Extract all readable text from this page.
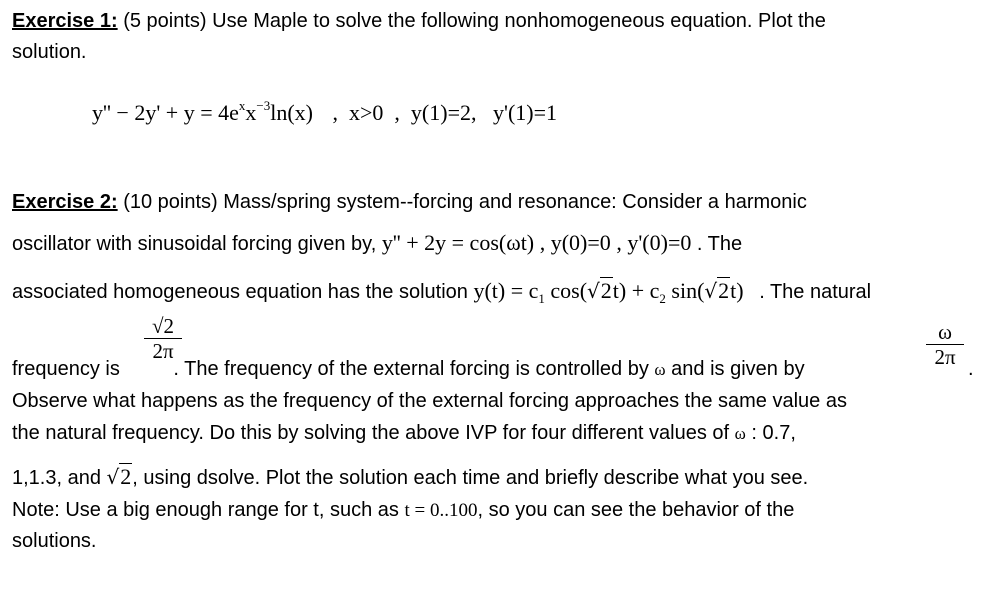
Exercise 1: (5 points) Use Maple to solve the following nonhomogeneous equation. Plot the
solution.
$y'' - 2y' + y = 4e^xx^{-3}\ln(x)$ ,  x>0  ,  y(1)=2, y'(1)=1
Exercise 2: (10 points) Mass/spring system--forcing and resonance: Consider a harmonic
oscillator with sinusoidal forcing given by, y'' + 2y = cos(ωt) , y(0)=0 , y'(0)=0 . The
associated homogeneous equation has the solution $y(t) = c_1$ $\cos(√2t) + c_2$ sin(√2t) . The natural
√2
2π
ω
2π
frequency is . The frequency of the external forcing is controlled by ω and is given by	.
Observe what happens as the frequency of the external forcing approaches the same value as
the natural frequency. Do this by solving the above IVP for four different values of ω : 0.7,
1,1.3, and √2, using dsolve. Plot the solution each time and briefly describe what you see.
Note: Use a big enough range for t, such as t = 0..100, so you can see the behavior of the
solutions.
